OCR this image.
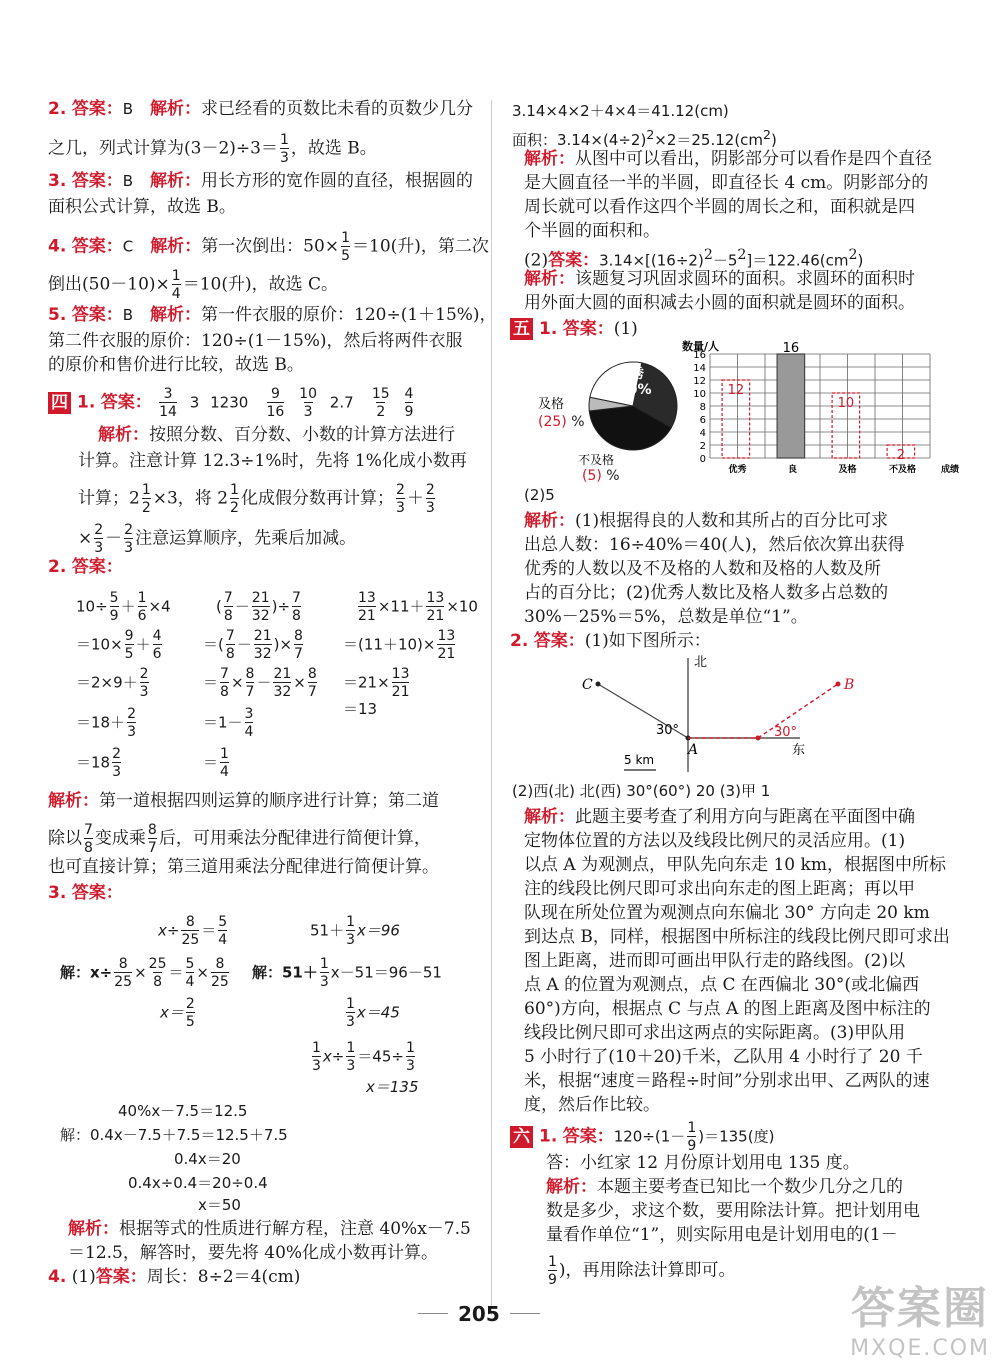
2. 答案：B　 解析：求已经看的页数比未看的页数少几分
之几，列式计算为$(3-2)\div 3= \frac{1}{3}$ ，故选 B。
3. 答案：B　 解析：用长方形的宽作圆的直径，根据圆的
面积公式计算，故选 B。
4. 答案：C　 解析：第一次倒出：$50\times \frac{1}{5} =10$(升)，第二次
倒出$(50-10)\times \frac{1}{4} =10$(升)，故选 C。
5. 答案：B　 解析：第一件衣服的原价：120÷(1＋15%)，
第二件衣服的原价：120÷(1－15%)，然后将两件衣服
的原价和售价进行比较，故选 B。
四 1. 答案： $\frac{3}{14} 3$ $1230 \frac{9}{16}$
$\frac{10}{3} 2.7 \frac{15}{2}$
$\frac{4}{9}$
解析：按照分数、百分数、小数的计算方法进行
计算。注意计算 12.3÷1%时，先将 1%化成小数再
计算；$2 \frac{1}{2} \times 3$，将 $2 \frac{1}{2}$ 化成假分数再计算； $\frac{2}{3} + \frac{2}{3}$
× $\frac{2}{3} - \frac{2}{3}$ 注意运算顺序，先乘后加减。
2. 答案：
$10\div \frac{5}{9} + \frac{1}{6} \times 4$
$=10\times \frac{9}{5} + \frac{4}{6}$
$=2\times 9+ \frac{2}{3}$
$=18+ \frac{2}{3}$
$=18 \frac{2}{3}$
( $\frac{7}{8} - \frac{21}{32}$ )÷ $\frac{7}{8}$
＝( $\frac{7}{8} - \frac{21}{32}$ )× $\frac{8}{7}$
＝ $\frac{7}{8} \times \frac{8}{7} - \frac{21}{32} \times \frac{8}{7}$
$=1- \frac{3}{4}$
＝ $\frac{1}{4}$
$\frac{13}{21} \times 11+ \frac{13}{21} \times 10$
$=(11+10)\times \frac{13}{21}$
$=21\times \frac{13}{21}$
＝13
解析：第一道根据四则运算的顺序进行计算；第二道
除以 $\frac{7}{8}$ 变成乘 $\frac{8}{7}$ 后，可用乘法分配律进行简便计算，
也可直接计算；第三道用乘法分配律进行简便计算。
3. 答案：
$x\div \frac{8}{25} = \frac{5}{4}$
解：$x\div \frac{8}{25} \times \frac{25}{8} = \frac{5}{4} \times \frac{8}{25}$
$x= \frac{2}{5}$
$51+ \frac{1}{3} x=96$
解：$51+ \frac{1}{3} x-51=96-51$
$\frac{1}{3} x=45$
$\frac{1}{3} x\div \frac{1}{3} =45\div \frac{1}{3}$
x＝135
40%x－7.5＝12.5
解：0.4x－7.5＋7.5＝12.5＋7.5
0.4x＝20
0.4x÷0.4＝20÷0.4
x＝50
解析：根据等式的性质进行解方程，注意 40%x－7.5
＝12.5，解答时，要先将 40%化成小数再计算。
4. (1)答案：周长：8÷2＝4(cm)
3.14×4×2＋4×4＝41.12(cm)
面积：$3.14\times(4\div 2)^2\times 2=25.12(cm^2)$
解析：从图中可以看出，阴影部分可以看作是四个直径
是大圆直径一半的半圆，即直径长 4 cm。阴影部分的
周长就可以看作这四个半圆的周长之和，面积就是四
个半圆的面积和。
(2)答案：$3.14\times[(16\div 2)^2-5^2]=122.46(cm^2)$
解析：该题复习巩固求圆环的面积。求圆环的面积时
用外面大圆的面积减去小圆的面积就是圆环的面积。
五 1. 答案：(1)
优秀
30%
及格
(25) %
不及格
(5) %
0
2
4
6
8
10
12
14
16
数量/人
12
优秀
16
良
10
及格
2
不及格	成绩
(2)5
解析：(1)根据得良的人数和其所占的百分比可求
出总人数：16÷40%＝40(人)，然后依次算出获得
优秀的人数以及不及格的人数和及格的人数及所
占的百分比；(2)优秀人数比及格人数多占总数的
30%－25%＝5%，总数是单位“1”。
2. 答案：(1)如下图所示：
北
东
C
A
B
30°	30°
5 km
(2)西(北) 北(西) 30°(60°) 20 (3)甲 1
解析：此题主要考查了利用方向与距离在平面图中确
定物体位置的方法以及线段比例尺的灵活应用。(1)
以点 A 为观测点，甲队先向东走 10 km，根据图中所标
注的线段比例尺即可求出向东走的图上距离；再以甲
队现在所处位置为观测点向东偏北 30° 方向走 20 km
到达点 B，同样，根据图中所标注的线段比例尺即可求出
图上距离，进而即可画出甲队行走的路线图。(2)以
点 A 的位置为观测点，点 C 在西偏北 30°(或北偏西
60°)方向，根据点 C 与点 A 的图上距离及图中标注的
线段比例尺即可求出这两点的实际距离。(3)甲队用
5 小时行了(10＋20)千米，乙队用 4 小时行了 20 千
米，根据“速度＝路程÷时间”分别求出甲、乙两队的速
度，然后作比较。
六 1. 答案：$120\div(1- \frac{1}{9} )=135$(度)
答：小红家 12 月份原计划用电 135 度。
解析：本题主要考查已知比一个数少几分之几的
数是多少，求这个数，要用除法计算。把计划用电
量看作单位“1”，则实际用电是计划用电的(1－
$\frac{1}{9}$ )，再用除法计算即可。
205	答案圈
MXQE.COM
